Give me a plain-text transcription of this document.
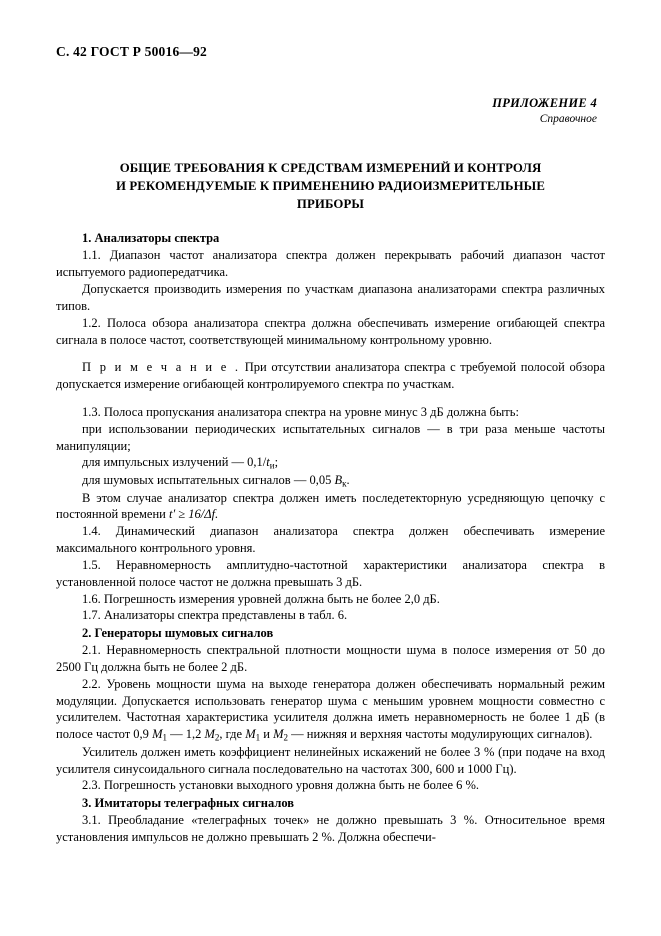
С. 42 ГОСТ Р 50016—92
ПРИЛОЖЕНИЕ 4
Справочное
ОБЩИЕ ТРЕБОВАНИЯ К СРЕДСТВАМ ИЗМЕРЕНИЙ И КОНТРОЛЯ
И РЕКОМЕНДУЕМЫЕ К ПРИМЕНЕНИЮ РАДИОИЗМЕРИТЕЛЬНЫЕ
ПРИБОРЫ
1. Анализаторы спектра

1.1. Диапазон частот анализатора спектра должен перекрывать рабочий диапазон частот испытуемого радиопередатчика.

Допускается производить измерения по участкам диапазона анализаторами спектра различных типов.

1.2. Полоса обзора анализатора спектра должна обеспечивать измерение огибающей спектра сигнала в полосе частот, соответствующей минимальному контрольному уровню.

П р и м е ч а н и е . При отсутствии анализатора спектра с требуемой полосой обзора допускается измерение огибающей контролируемого спектра по участкам.

1.3. Полоса пропускания анализатора спектра на уровне минус 3 дБ должна быть:

при использовании периодических испытательных сигналов — в три раза меньше частоты манипуляции;

для импульсных излучений — $0,1/t_и$;

для шумовых испытательных сигналов — 0,05 $B_к$.

В этом случае анализатор спектра должен иметь последетекторную усредняющую цепочку с постоянной времени t′ ≥ 16/Δf.

1.4. Динамический диапазон анализатора спектра должен обеспечивать измерение максимального контрольного уровня.

1.5. Неравномерность амплитудно-частотной характеристики анализатора спектра в установленной полосе частот не должна превышать 3 дБ.

1.6. Погрешность измерения уровней должна быть не более 2,0 дБ.

1.7. Анализаторы спектра представлены в табл. 6.

2. Генераторы шумовых сигналов

2.1. Неравномерность спектральной плотности мощности шума в полосе измерения от 50 до 2500 Гц должна быть не более 2 дБ.

2.2. Уровень мощности шума на выходе генератора должен обеспечивать нормальный режим модуляции. Допускается использовать генератор шума с меньшим уровнем мощности совместно с усилителем. Частотная характеристика усилителя должна иметь неравномерность не более 1 дБ (в полосе частот 0,9 $М_1$ — 1,2 $М_2$, где $М_1$ и $М_2$ — нижняя и верхняя частоты модулирующих сигналов).

Усилитель должен иметь коэффициент нелинейных искажений не более 3 % (при подаче на вход усилителя синусоидального сигнала последовательно на частотах 300, 600 и 1000 Гц).

2.3. Погрешность установки выходного уровня должна быть не более 6 %.

3. Имитаторы телеграфных сигналов

3.1. Преобладание «телеграфных точек» не должно превышать 3 %. Относительное время установления импульсов не должно превышать 2 %. Должна обеспечи-
